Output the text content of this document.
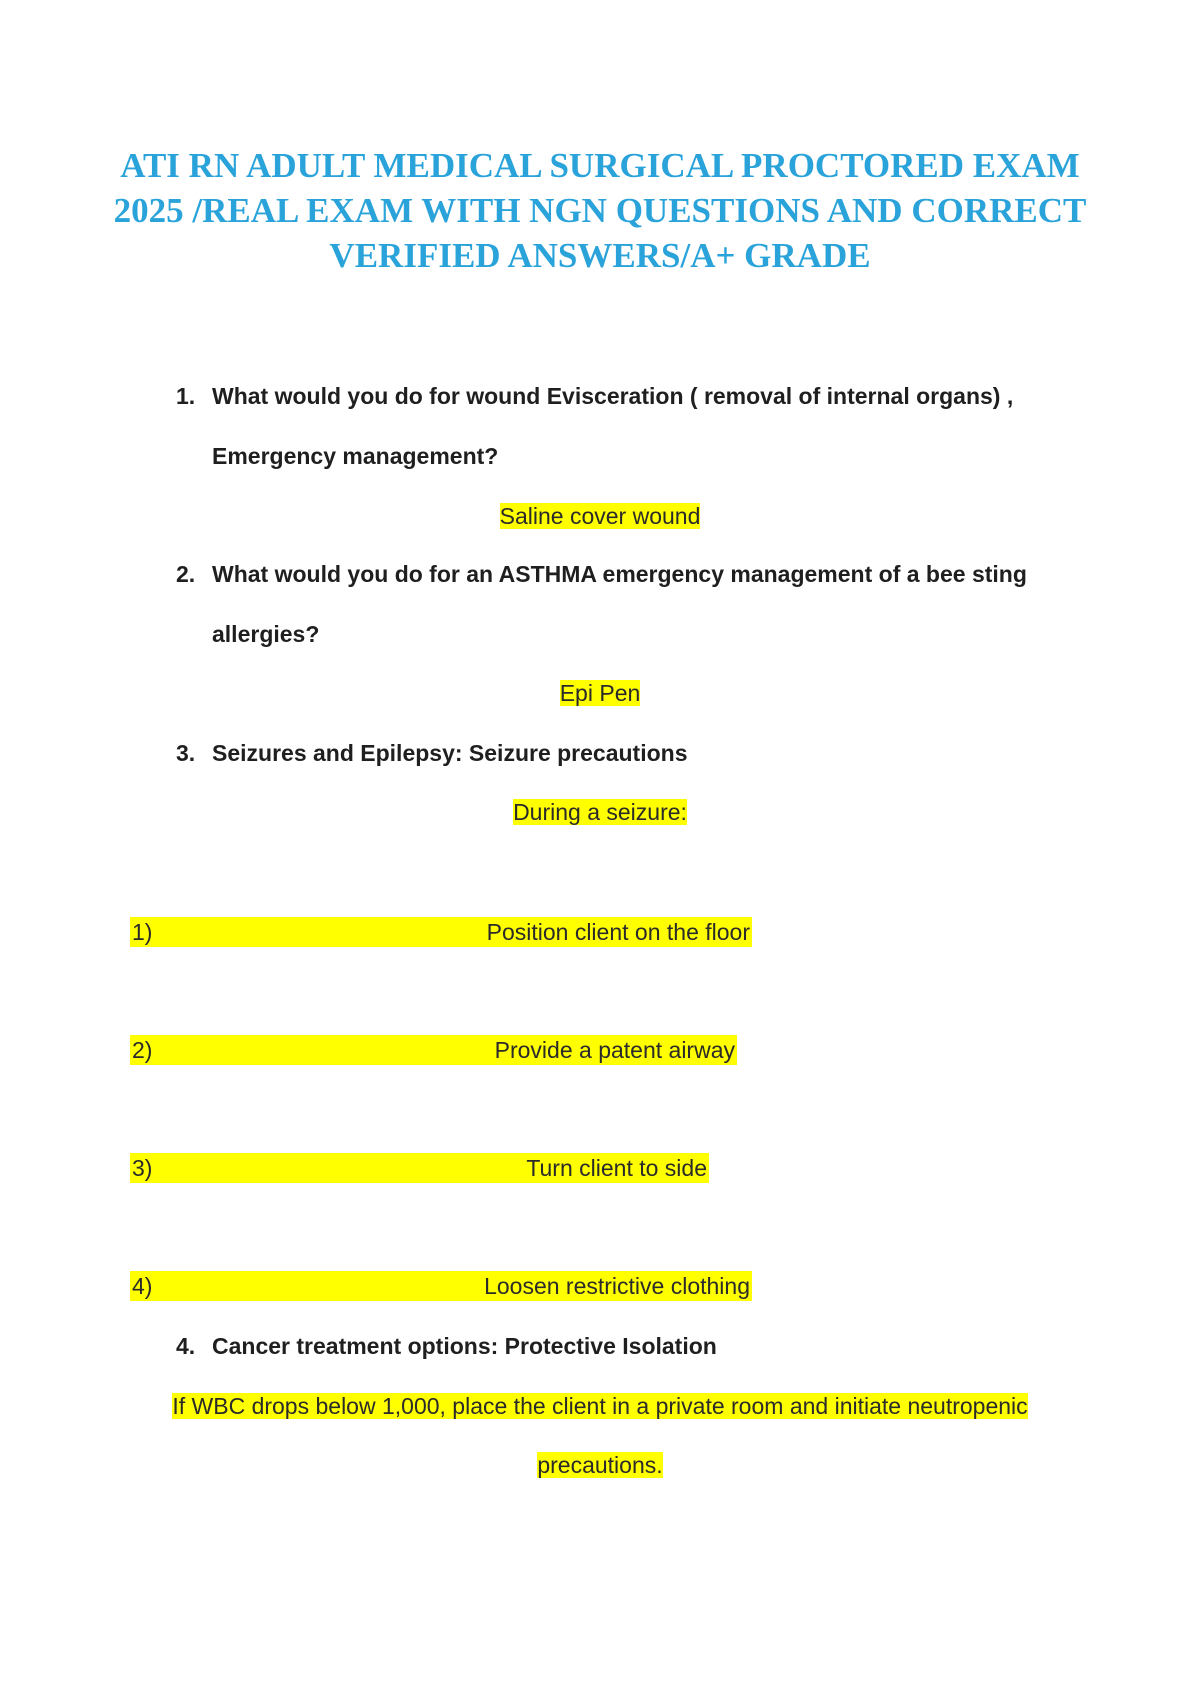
ATI RN ADULT MEDICAL SURGICAL PROCTORED EXAM 2025 /REAL EXAM WITH NGN QUESTIONS AND CORRECT VERIFIED ANSWERS/A+ GRADE
1. What would you do for wound Evisceration ( removal of internal organs) ,
Emergency management?
Saline cover wound
2. What would you do for an ASTHMA emergency management of a bee sting
allergies?
Epi Pen
3. Seizures and Epilepsy: Seizure precautions
During a seizure:
1)	Position client on the floor
2)	Provide a patent airway
3)	Turn client to side
4)	Loosen restrictive clothing
4. Cancer treatment options: Protective Isolation
If WBC drops below 1,000, place the client in a private room and initiate neutropenic
precautions.
